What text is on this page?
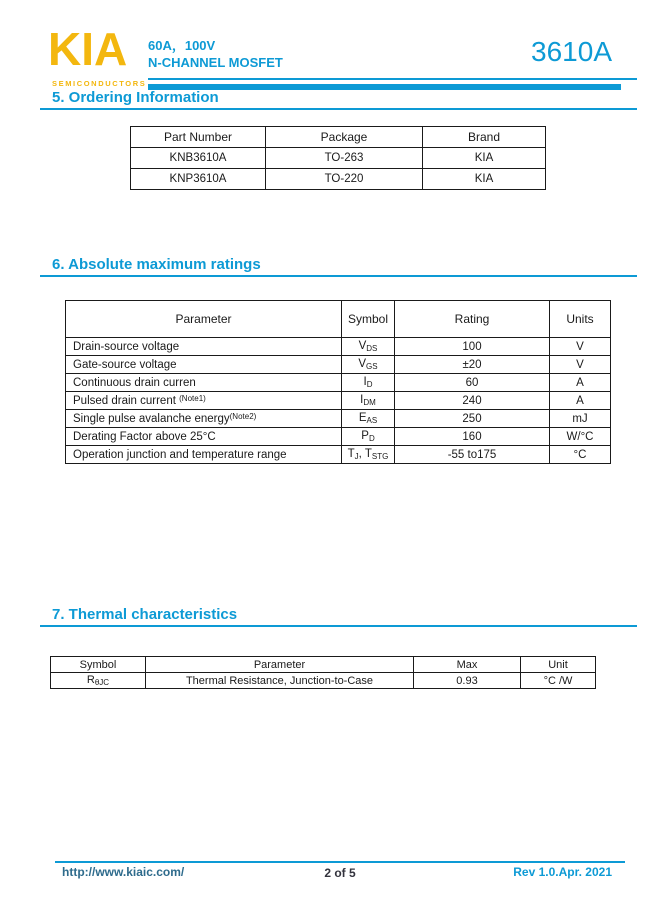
KIA
SEMICONDUCTORS
60A，100V
N-CHANNEL MOSFET	3610A
5. Ordering Information
Part Number	Package	Brand
KNB3610A	TO-263	KIA
KNP3610A	TO-220	KIA
6. Absolute maximum ratings
Parameter	Symbol	Rating	Units
Drain-source voltage	$V_{DS}$	100	V
Gate-source voltage	$V_{GS}$	±20	V
Continuous drain curren	$I_D$	60	A
Pulsed drain current $^{(Note1)}$	$I_{DM}$	240	A
Single pulse avalanche energy$^{(Note2)}$	$E_{AS}$	250	mJ
Derating Factor above 25°C	$P_D$	160	W/°C
Operation junction and temperature range	$T_J$, $T_{STG}$	-55 to175	°C
7. Thermal characteristics
Symbol	Parameter	Max	Unit
$R_{\theta JC}$	Thermal Resistance, Junction-to-Case	0.93	°C /W
http://www.kiaic.com/	2 of 5	Rev 1.0.Apr. 2021
